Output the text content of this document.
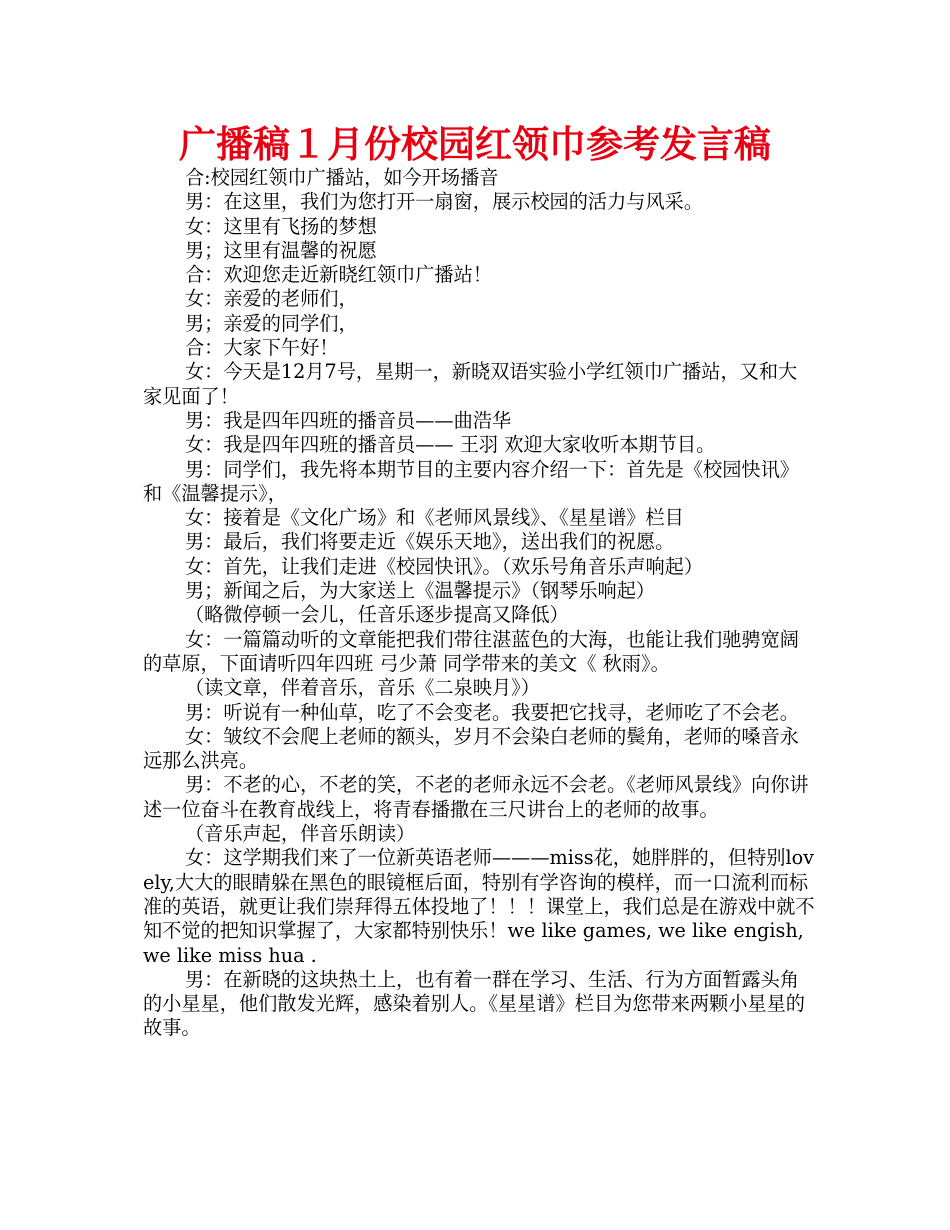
广播稿１月份校园红领巾参考发言稿

合:校园红领巾广播站，如今开场播音

男：在这里，我们为您打开一扇窗，展示校园的活力与风采。

女：这里有飞扬的梦想

男；这里有温馨的祝愿

合：欢迎您走近新晓红领巾广播站！

女：亲爱的老师们，

男；亲爱的同学们，

合：大家下午好！

女：今天是12月7号，星期一，新晓双语实验小学红领巾广播站，又和大家见面了！

男：我是四年四班的播音员——曲浩华

女：我是四年四班的播音员—— 王羽 欢迎大家收听本期节目。

男：同学们，我先将本期节目的主要内容介绍一下：首先是《校园快讯》和《温馨提示》，

女：接着是《文化广场》和《老师风景线》、《星星谱》栏目

男：最后，我们将要走近《娱乐天地》，送出我们的祝愿。

女：首先，让我们走进《校园快讯》。（欢乐号角音乐声响起）

男；新闻之后，为大家送上《温馨提示》（钢琴乐响起）

（略微停顿一会儿，任音乐逐步提高又降低）

女：一篇篇动听的文章能把我们带往湛蓝色的大海，也能让我们驰骋宽阔的草原，下面请听四年四班 弓少萧 同学带来的美文《 秋雨》。

（读文章，伴着音乐，音乐《二泉映月》）

男：听说有一种仙草，吃了不会变老。我要把它找寻，老师吃了不会老。

女：皱纹不会爬上老师的额头，岁月不会染白老师的鬓角，老师的嗓音永远那么洪亮。

男：不老的心，不老的笑，不老的老师永远不会老。《老师风景线》向你讲述一位奋斗在教育战线上，将青春播撒在三尺讲台上的老师的故事。

（音乐声起，伴音乐朗读）

女：这学期我们来了一位新英语老师———miss花，她胖胖的，但特别lovely,大大的眼睛躲在黑色的眼镜框后面，特别有学咨询的模样，而一口流利而标准的英语，就更让我们崇拜得五体投地了！！！课堂上，我们总是在游戏中就不知不觉的把知识掌握了，大家都特别快乐！we like games, we like engish, we like miss hua .

男：在新晓的这块热土上，也有着一群在学习、生活、行为方面暂露头角的小星星，他们散发光辉，感染着别人。《星星谱》栏目为您带来两颗小星星的故事。
